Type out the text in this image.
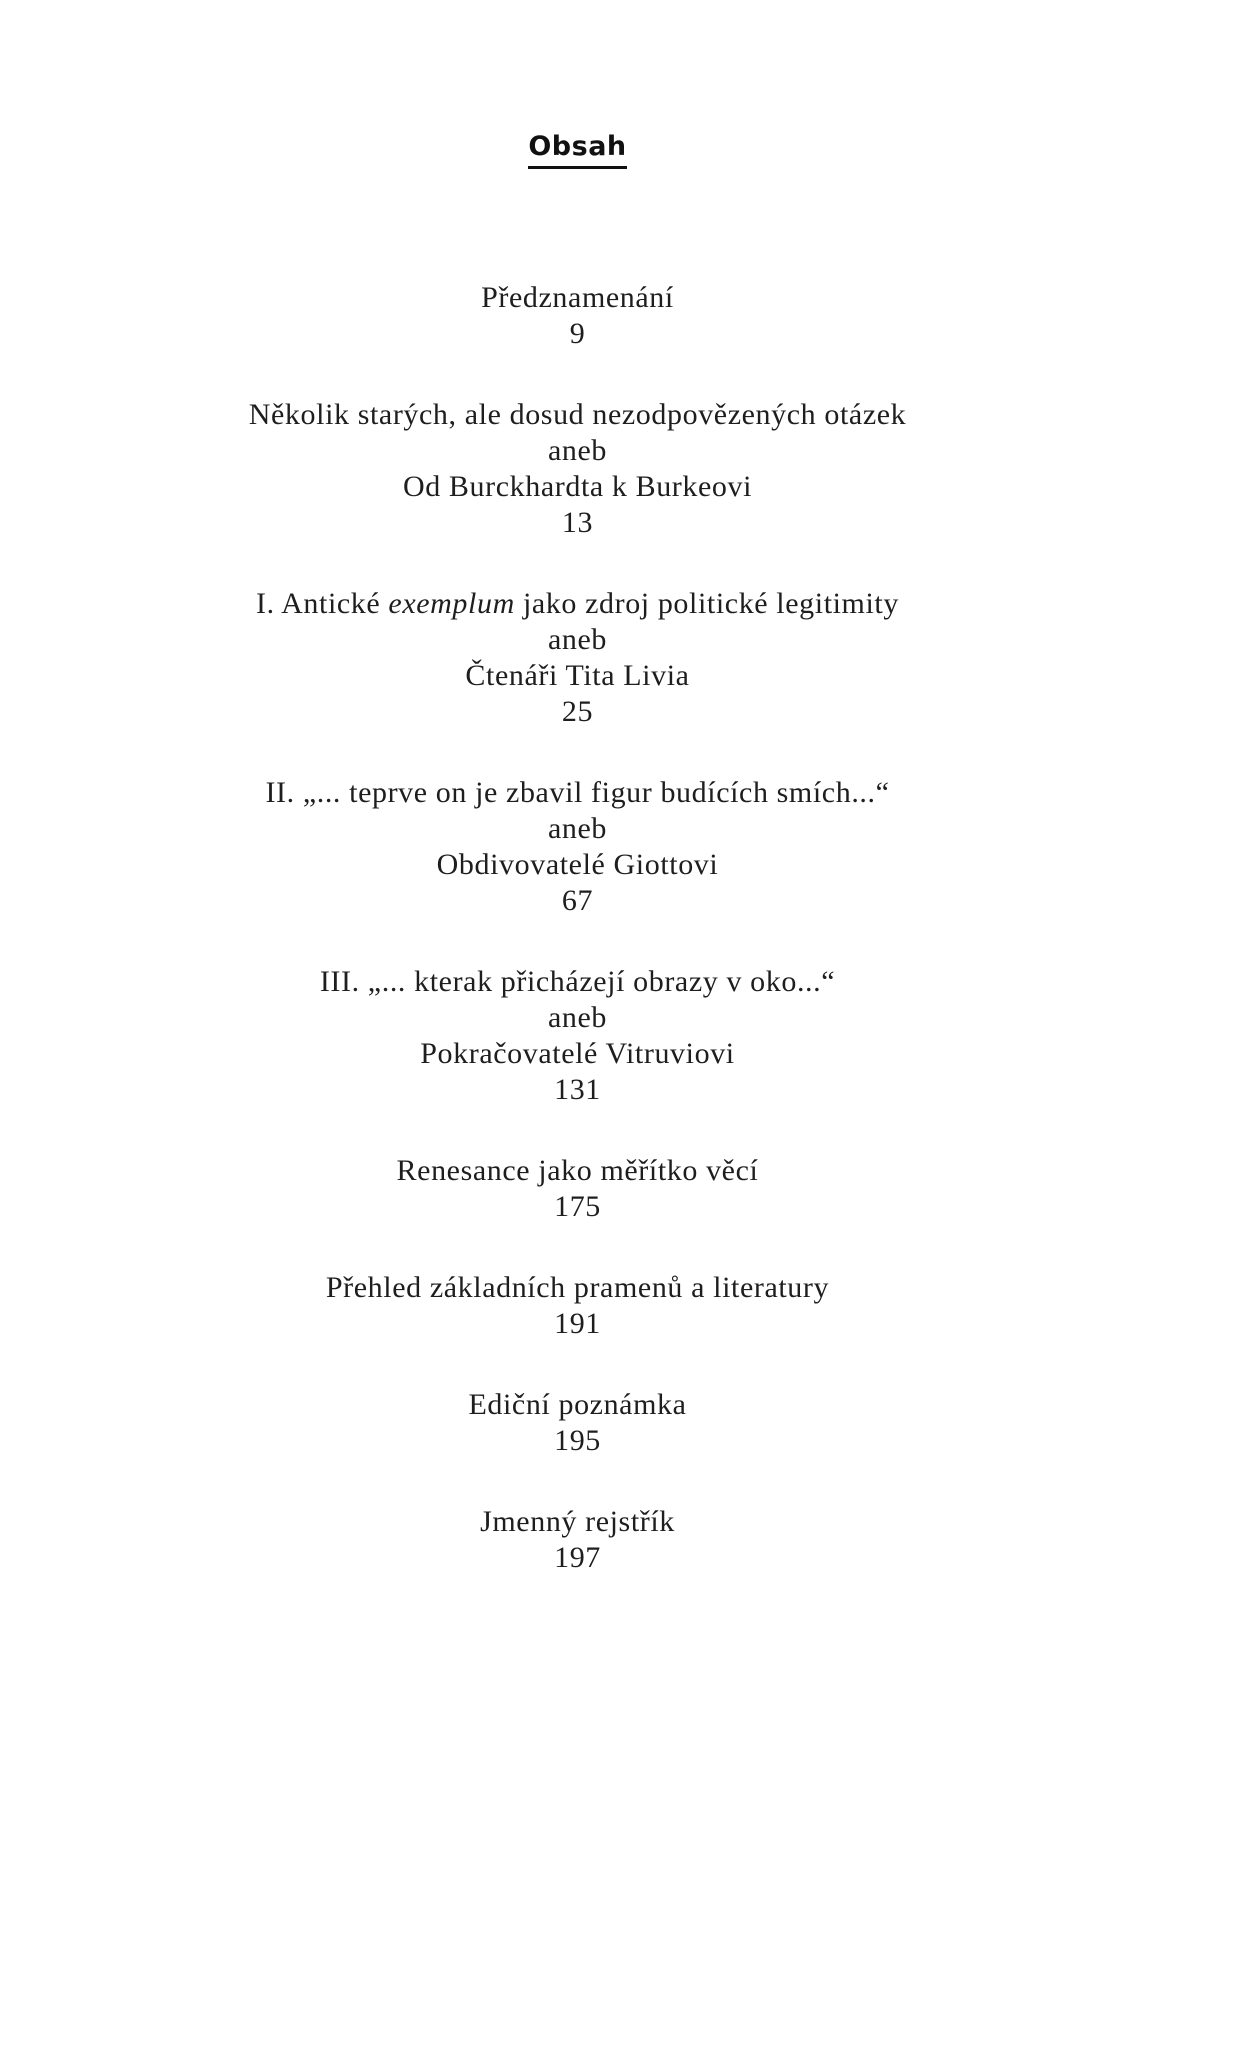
Obsah
Předznamenání
9
Několik starých, ale dosud nezodpovězených otázek
aneb
Od Burckhardta k Burkeovi
13
I. Antické exemplum jako zdroj politické legitimity
aneb
Čtenáři Tita Livia
25
II. „... teprve on je zbavil figur budících smích...“
aneb
Obdivovatelé Giottovi
67
III. „... kterak přicházejí obrazy v oko...“
aneb
Pokračovatelé Vitruviovi
131
Renesance jako měřítko věcí
175
Přehled základních pramenů a literatury
191
Ediční poznámka
195
Jmenný rejstřík
197
